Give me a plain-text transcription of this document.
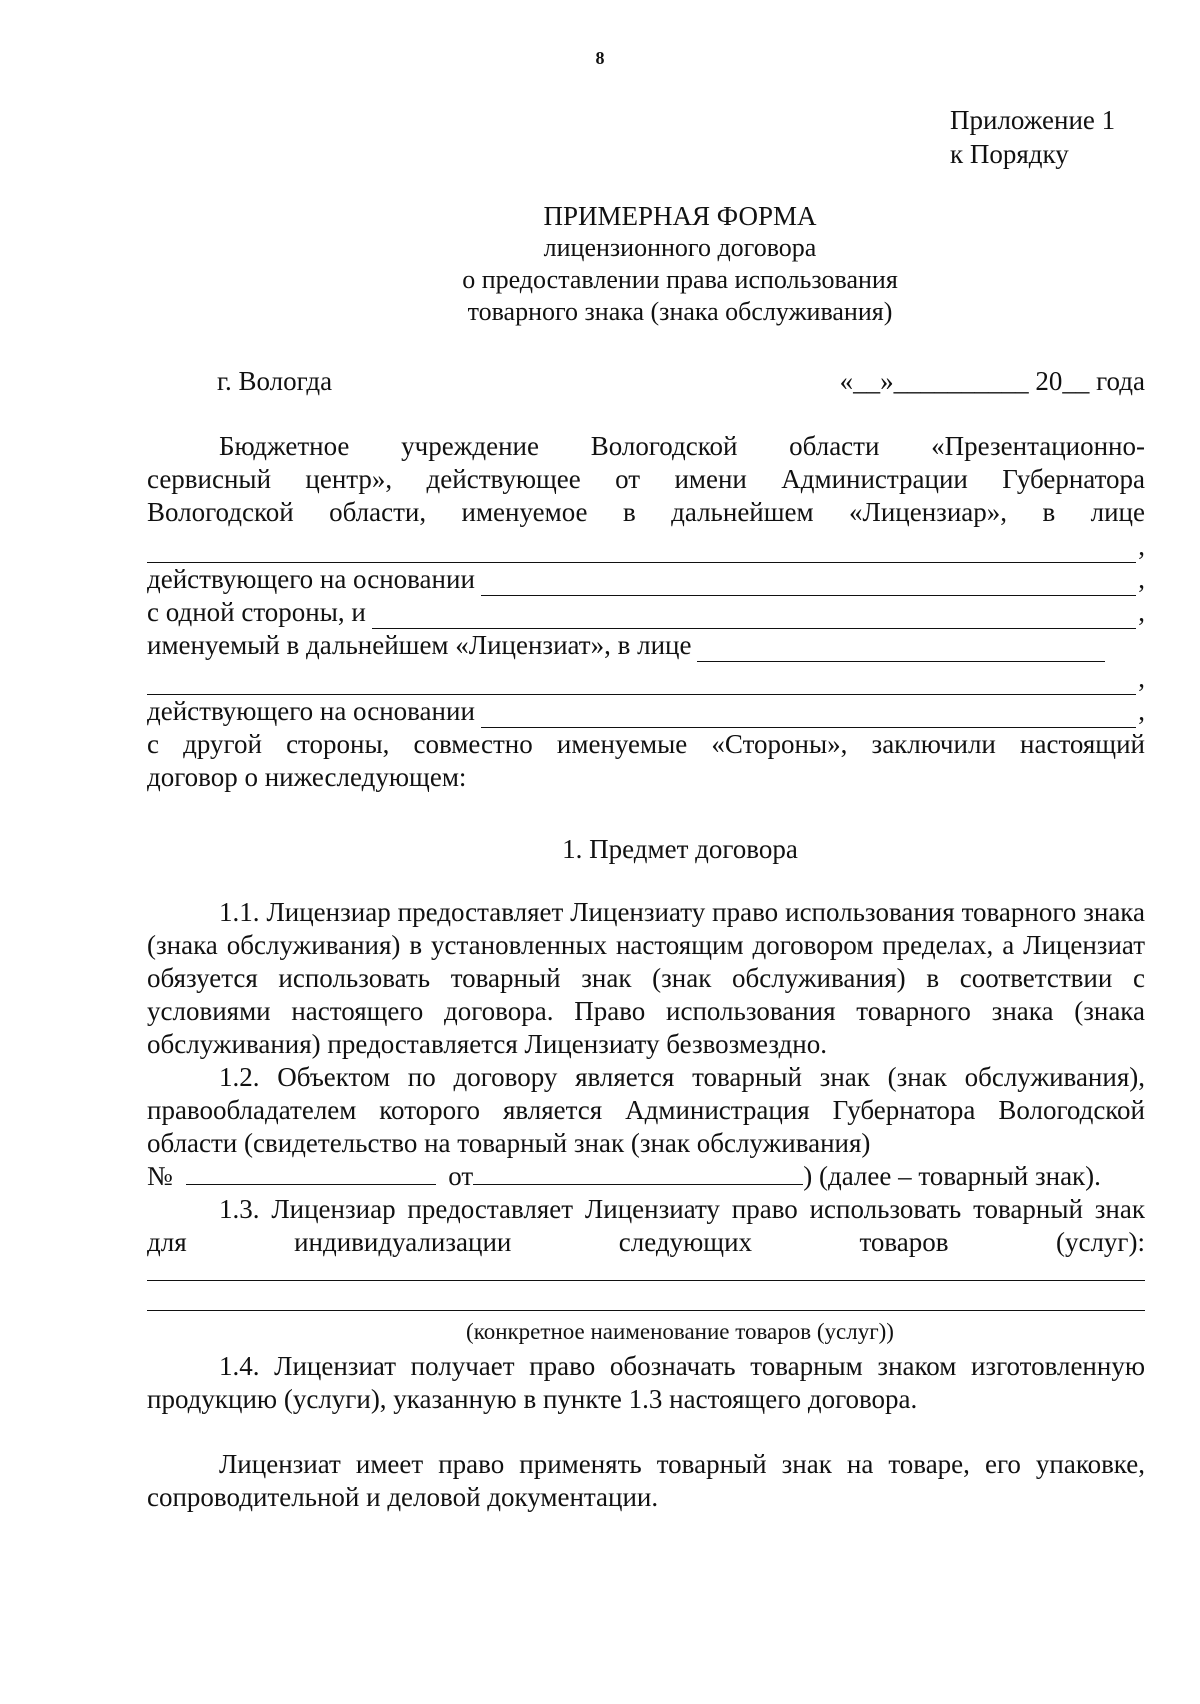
8
Приложение 1
к Порядку
ПРИМЕРНАЯ ФОРМА
лицензионного договора
о предоставлении права использования
товарного знака (знака обслуживания)
г. Вологда	«__»__________ 20__ года
Бюджетное учреждение Вологодской области «Презентационно-
сервисный центр», действующее от имени Администрации Губернатора
Вологодской области, именуемое в дальнейшем «Лицензиар», в лице
,
действующего на основании	,
с одной стороны, и	,
именуемый в дальнейшем «Лицензиат», в лице
,
действующего на основании	,
с другой стороны, совместно именуемые «Стороны», заключили настоящий
договор о нижеследующем:
1. Предмет договора
1.1. Лицензиар предоставляет Лицензиату право использования товарного знака (знака обслуживания) в установленных настоящим договором пределах, а Лицензиат обязуется использовать товарный знак (знак обслуживания) в соответствии с условиями настоящего договора. Право использования товарного знака (знака обслуживания) предоставляется Лицензиату безвозмездно.
1.2. Объектом по договору является товарный знак (знак обслуживания), правообладателем которого является Администрация Губернатора Вологодской области (свидетельство на товарный знак (знак обслуживания)
№	от	) (далее – товарный знак).
1.3. Лицензиар предоставляет Лицензиату право использовать товарный знак для индивидуализации следующих товаров (услуг):
(конкретное наименование товаров (услуг))
1.4. Лицензиат получает право обозначать товарным знаком изготовленную продукцию (услуги), указанную в пункте 1.3 настоящего договора.
Лицензиат имеет право применять товарный знак на товаре, его упаковке, сопроводительной и деловой документации.
